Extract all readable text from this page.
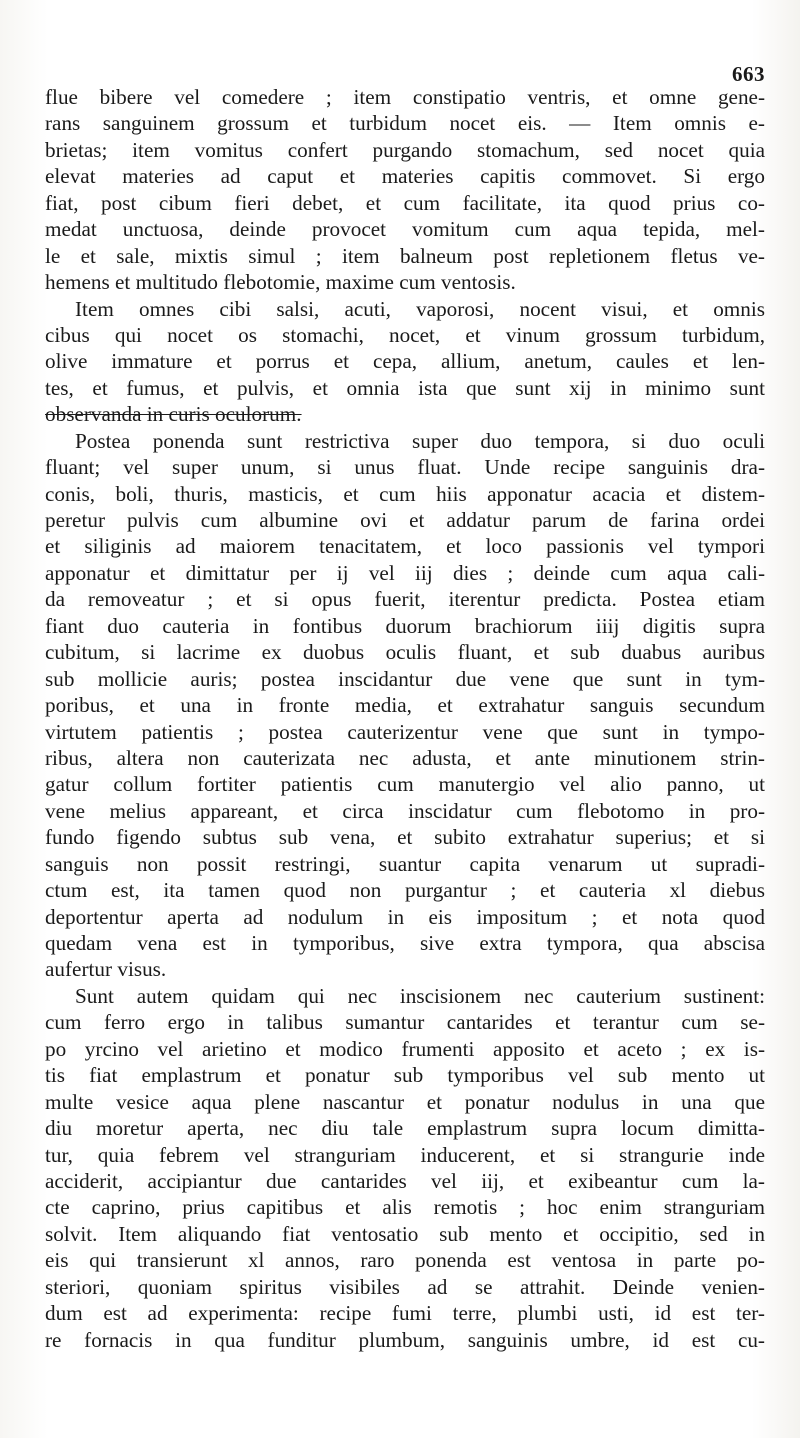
663
flue bibere vel comedere ; item constipatio ventris, et omne gene-
rans sanguinem grossum et turbidum nocet eis. — Item omnis e-
brietas; item vomitus confert purgando stomachum, sed nocet quia
elevat materies ad caput et materies capitis commovet. Si ergo
fiat, post cibum fieri debet, et cum facilitate, ita quod prius co-
medat unctuosa, deinde provocet vomitum cum aqua tepida, mel-
le et sale, mixtis simul ; item balneum post repletionem fletus ve-
hemens et multitudo flebotomie, maxime cum ventosis.
Item omnes cibi salsi, acuti, vaporosi, nocent visui, et omnis
cibus qui nocet os stomachi, nocet, et vinum grossum turbidum,
olive immature et porrus et cepa, allium, anetum, caules et len-
tes, et fumus, et pulvis, et omnia ista que sunt xij in minimo sunt
observanda in curis oculorum.
Postea ponenda sunt restrictiva super duo tempora, si duo oculi
fluant; vel super unum, si unus fluat. Unde recipe sanguinis dra-
conis, boli, thuris, masticis, et cum hiis apponatur acacia et distem-
peretur pulvis cum albumine ovi et addatur parum de farina ordei
et siliginis ad maiorem tenacitatem, et loco passionis vel tympori
apponatur et dimittatur per ij vel iij dies ; deinde cum aqua cali-
da removeatur ; et si opus fuerit, iterentur predicta. Postea etiam
fiant duo cauteria in fontibus duorum brachiorum iiij digitis supra
cubitum, si lacrime ex duobus oculis fluant, et sub duabus auribus
sub mollicie auris; postea inscidantur due vene que sunt in tym-
poribus, et una in fronte media, et extrahatur sanguis secundum
virtutem patientis ; postea cauterizentur vene que sunt in tympo-
ribus, altera non cauterizata nec adusta, et ante minutionem strin-
gatur collum fortiter patientis cum manutergio vel alio panno, ut
vene melius appareant, et circa inscidatur cum flebotomo in pro-
fundo figendo subtus sub vena, et subito extrahatur superius; et si
sanguis non possit restringi, suantur capita venarum ut supradi-
ctum est, ita tamen quod non purgantur ; et cauteria xl diebus
deportentur aperta ad nodulum in eis impositum ; et nota quod
quedam vena est in tymporibus, sive extra tympora, qua abscisa
aufertur visus.
Sunt autem quidam qui nec inscisionem nec cauterium sustinent:
cum ferro ergo in talibus sumantur cantarides et terantur cum se-
po yrcino vel arietino et modico frumenti apposito et aceto ; ex is-
tis fiat emplastrum et ponatur sub tymporibus vel sub mento ut
multe vesice aqua plene nascantur et ponatur nodulus in una que
diu moretur aperta, nec diu tale emplastrum supra locum dimitta-
tur, quia febrem vel stranguriam inducerent, et si strangurie inde
acciderit, accipiantur due cantarides vel iij, et exibeantur cum la-
cte caprino, prius capitibus et alis remotis ; hoc enim stranguriam
solvit. Item aliquando fiat ventosatio sub mento et occipitio, sed in
eis qui transierunt xl annos, raro ponenda est ventosa in parte po-
steriori, quoniam spiritus visibiles ad se attrahit. Deinde venien-
dum est ad experimenta: recipe fumi terre, plumbi usti, id est ter-
re fornacis in qua funditur plumbum, sanguinis umbre, id est cu-
